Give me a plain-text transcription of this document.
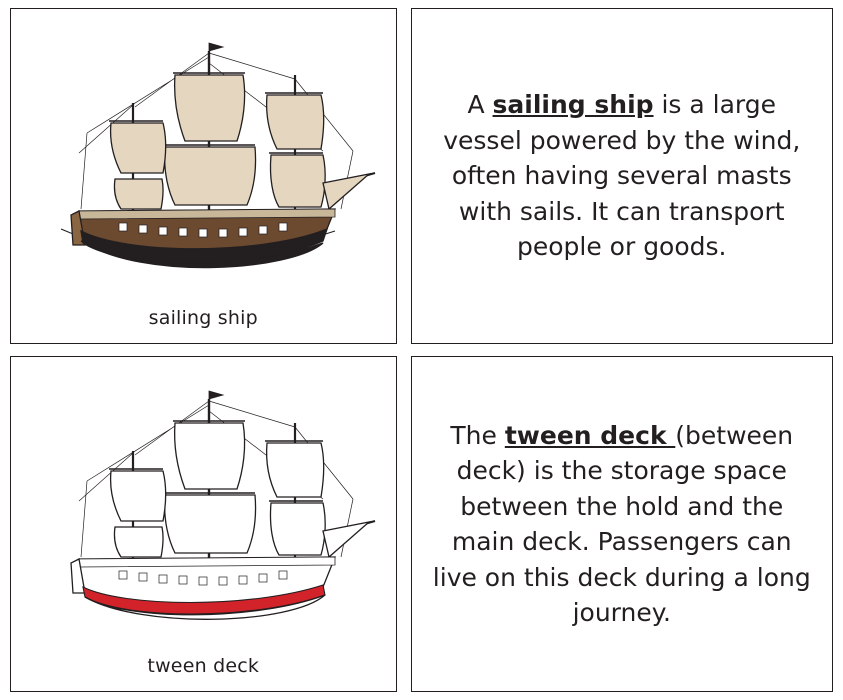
sailing ship

A sailing ship is a large vessel powered by the wind, often having several masts with sails. It can transport people or goods.

tween deck

The tween deck (between deck) is the storage space between the hold and the main deck. Passengers can live on this deck during a long journey.
